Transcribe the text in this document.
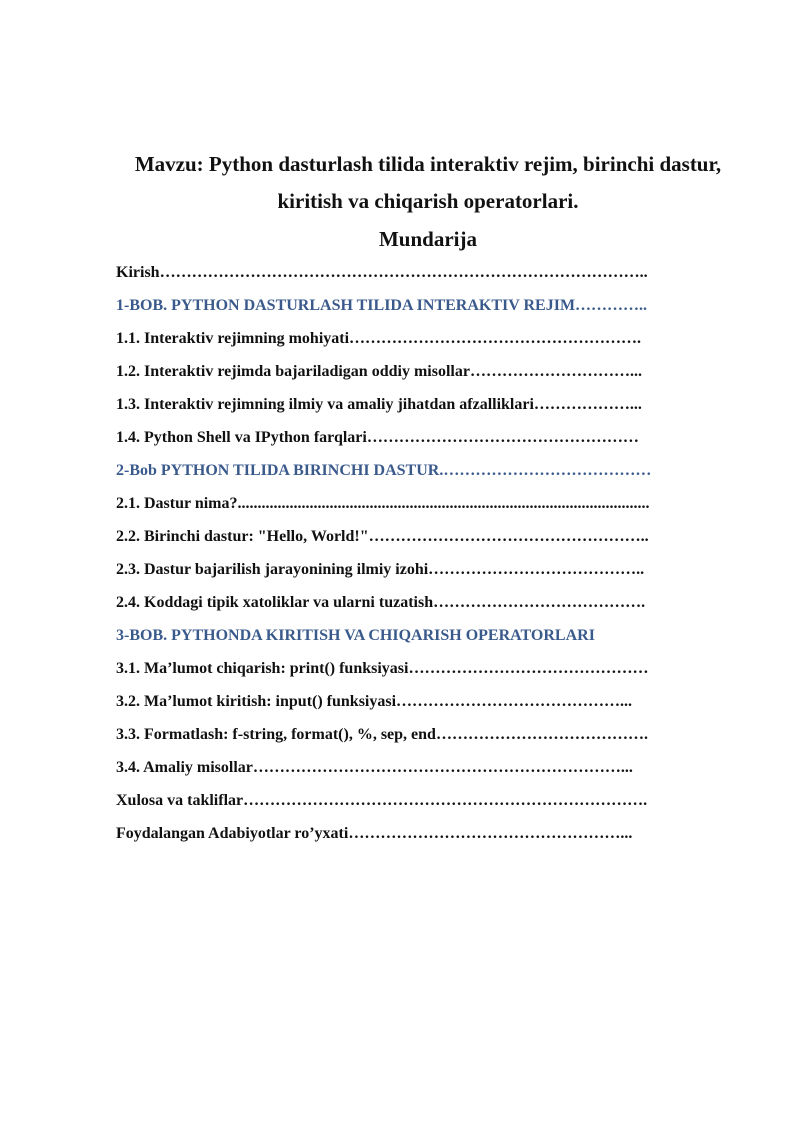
Mavzu: Python dasturlash tilida interaktiv rejim, birinchi dastur,
kiritish va chiqarish operatorlari.
Mundarija
Kirish………………………………………………………………………………..
1-BOB. PYTHON DASTURLASH TILIDA INTERAKTIV REJIM…………..
1.1. Interaktiv rejimning mohiyati……………………………………………….
1.2. Interaktiv rejimda bajariladigan oddiy misollar…………………………...
1.3. Interaktiv rejimning ilmiy va amaliy jihatdan afzalliklari………………...
1.4. Python Shell va IPython farqlari……………………………………………
2-Bob PYTHON TILIDA BIRINCHI DASTUR.…………………………………
2.1. Dastur nima?.......................................................................................................
2.2. Birinchi dastur: "Hello, World!"……………………………………………..
2.3. Dastur bajarilish jarayonining ilmiy izohi…………………………………..
2.4. Koddagi tipik xatoliklar va ularni tuzatish………………………………….
3-BOB. PYTHONDA KIRITISH VA CHIQARISH OPERATORLARI
3.1. Ma’lumot chiqarish: print() funksiyasi………………………………………
3.2. Ma’lumot kiritish: input() funksiyasi……………………………………...
3.3. Formatlash: f-string, format(), %, sep, end………………………………….
3.4. Amaliy misollar……………………………………………………………...
Xulosa va takliflar………………………………………………………………….
Foydalangan Adabiyotlar ro’yxati……………………………………………...
